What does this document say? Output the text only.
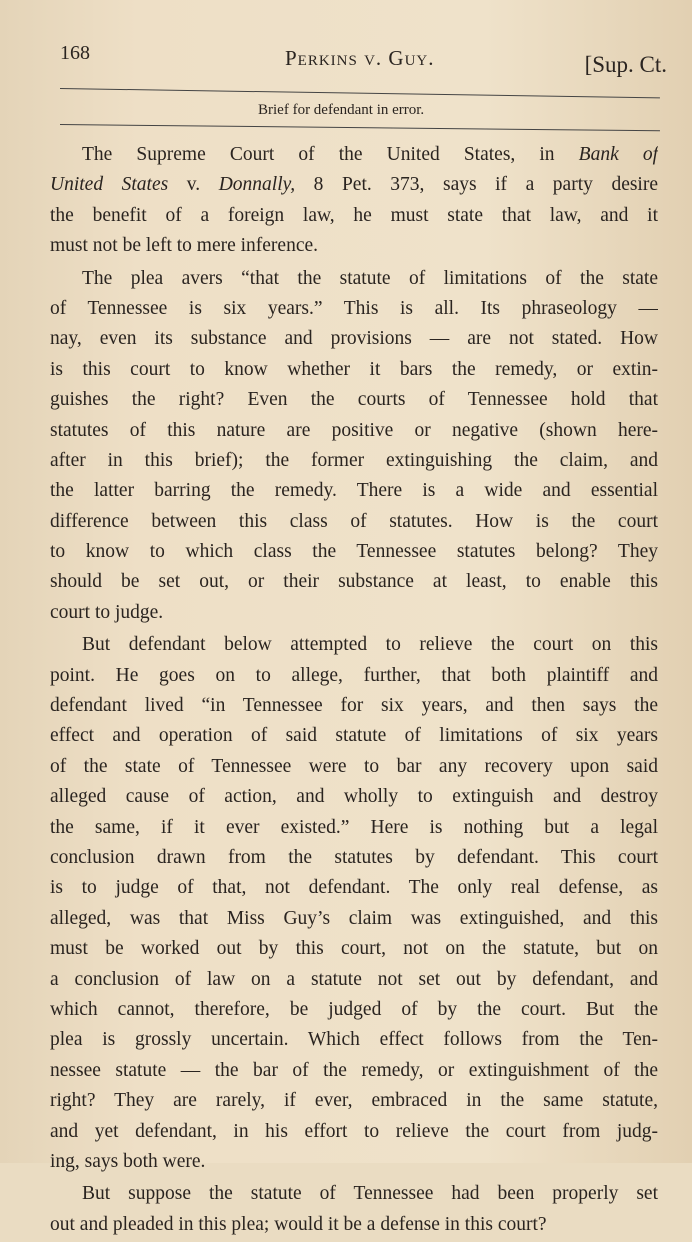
168	Perkins v. Guy.	[Sup. Ct.
Brief for defendant in error.
The Supreme Court of the United States, in Bank of
United States v. Donnally, 8 Pet. 373, says if a party desire
the benefit of a foreign law, he must state that law, and it
must not be left to mere inference.
The plea avers “that the statute of limitations of the state
of Tennessee is six years.” This is all. Its phraseology —
nay, even its substance and provisions — are not stated. How
is this court to know whether it bars the remedy, or extin-
guishes the right? Even the courts of Tennessee hold that
statutes of this nature are positive or negative (shown here-
after in this brief); the former extinguishing the claim, and
the latter barring the remedy. There is a wide and essential
difference between this class of statutes. How is the court
to know to which class the Tennessee statutes belong? They
should be set out, or their substance at least, to enable this
court to judge.
But defendant below attempted to relieve the court on this
point. He goes on to allege, further, that both plaintiff and
defendant lived “in Tennessee for six years, and then says the
effect and operation of said statute of limitations of six years
of the state of Tennessee were to bar any recovery upon said
alleged cause of action, and wholly to extinguish and destroy
the same, if it ever existed.” Here is nothing but a legal
conclusion drawn from the statutes by defendant. This court
is to judge of that, not defendant. The only real defense, as
alleged, was that Miss Guy’s claim was extinguished, and this
must be worked out by this court, not on the statute, but on
a conclusion of law on a statute not set out by defendant, and
which cannot, therefore, be judged of by the court. But the
plea is grossly uncertain. Which effect follows from the Ten-
nessee statute — the bar of the remedy, or extinguishment of the
right? They are rarely, if ever, embraced in the same statute,
and yet defendant, in his effort to relieve the court from judg-
ing, says both were.
But suppose the statute of Tennessee had been properly set
out and pleaded in this plea; would it be a defense in this court?
